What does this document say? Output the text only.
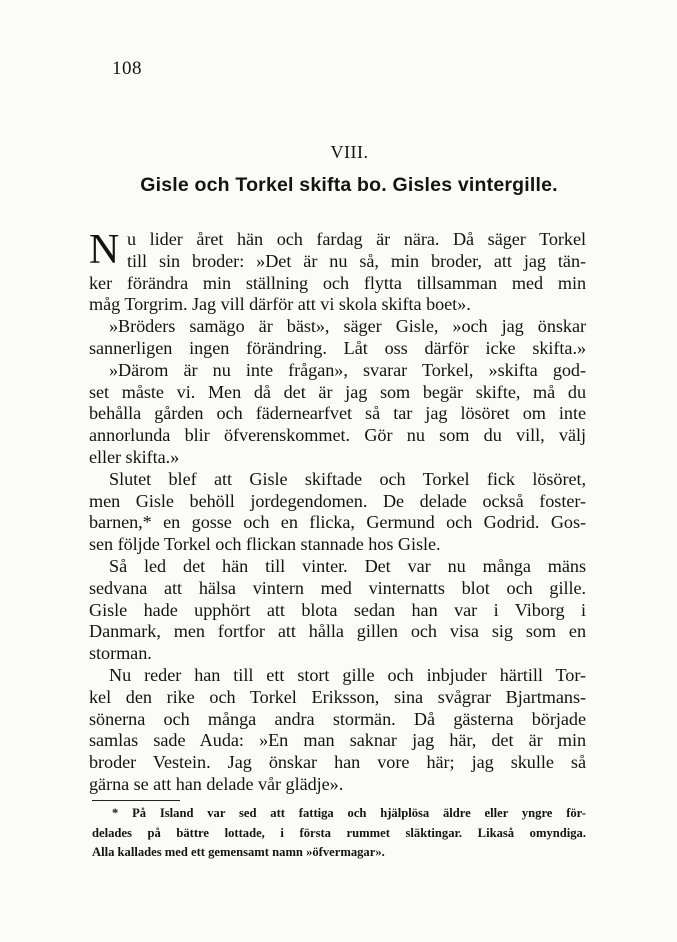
108
VIII.
Gisle och Torkel skifta bo. Gisles vintergille.
N u lider året hän och fardag är nära. Då säger Torkel
till sin broder: »Det är nu så, min broder, att jag tän-
ker förändra min ställning och flytta tillsamman med min
måg Torgrim. Jag vill därför att vi skola skifta boet».
»Bröders samägo är bäst», säger Gisle, »och jag önskar
sannerligen ingen förändring. Låt oss därför icke skifta.»
»Därom är nu inte frågan», svarar Torkel, »skifta god-
set måste vi. Men då det är jag som begär skifte, må du
behålla gården och fädernearfvet så tar jag lösöret om inte
annorlunda blir öfverenskommet. Gör nu som du vill, välj
eller skifta.»
Slutet blef att Gisle skiftade och Torkel fick lösöret,
men Gisle behöll jordegendomen. De delade också foster-
barnen,* en gosse och en flicka, Germund och Godrid. Gos-
sen följde Torkel och flickan stannade hos Gisle.
Så led det hän till vinter. Det var nu många mäns
sedvana att hälsa vintern med vinternatts blot och gille.
Gisle hade upphört att blota sedan han var i Viborg i
Danmark, men fortfor att hålla gillen och visa sig som en
storman.
Nu reder han till ett stort gille och inbjuder härtill Tor-
kel den rike och Torkel Eriksson, sina svågrar Bjartmans-
sönerna och många andra stormän. Då gästerna började
samlas sade Auda: »En man saknar jag här, det är min
broder Vestein. Jag önskar han vore här; jag skulle så
gärna se att han delade vår glädje».
* På Island var sed att fattiga och hjälplösa äldre eller yngre för-
delades på bättre lottade, i första rummet släktingar. Likaså omyndiga.
Alla kallades med ett gemensamt namn »öfvermagar».
